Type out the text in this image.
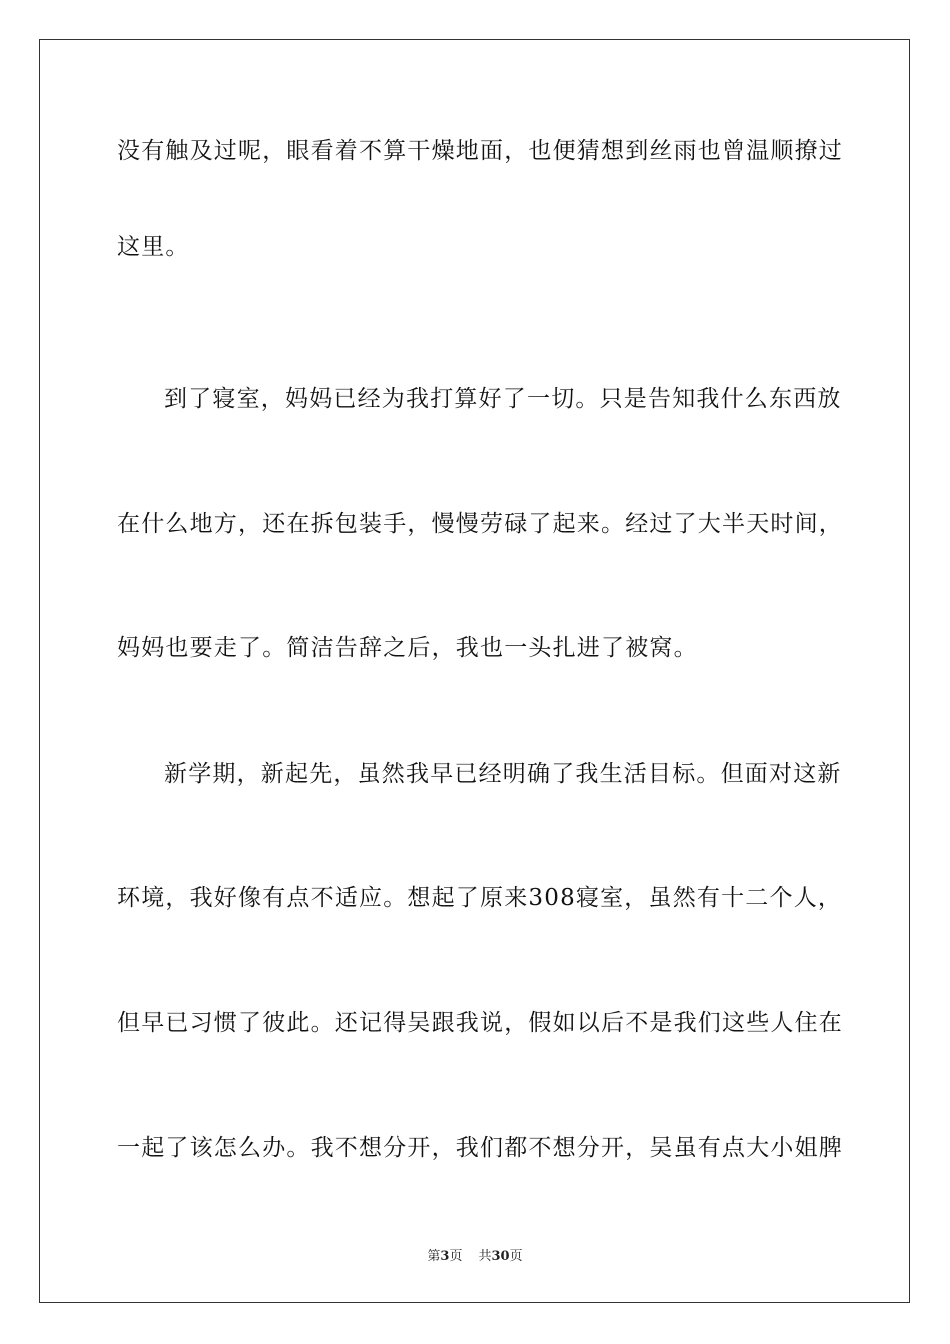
没有触及过呢，眼看着不算干燥地面，也便猜想到丝雨也曾温顺撩过
这里。
到了寝室，妈妈已经为我打算好了一切。只是告知我什么东西放
在什么地方，还在拆包装手，慢慢劳碌了起来。经过了大半天时间，
妈妈也要走了。简洁告辞之后，我也一头扎进了被窝。
新学期，新起先，虽然我早已经明确了我生活目标。但面对这新
环境，我好像有点不适应。想起了原来308寝室，虽然有十二个人，
但早已习惯了彼此。还记得吴跟我说，假如以后不是我们这些人住在
一起了该怎么办。我不想分开，我们都不想分开，吴虽有点大小姐脾
第3页 共30页
